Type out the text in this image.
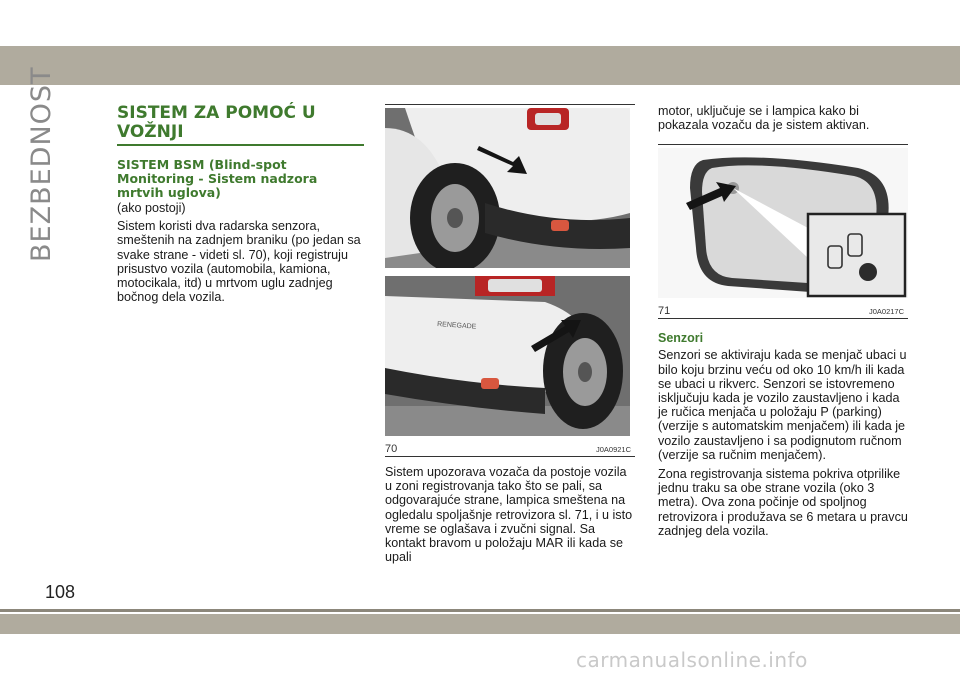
BEZBEDNOST	SISTEM ZA POMOĆ U VOŽNJI
SISTEM BSM (Blind-spot Monitoring - Sistem nadzora mrtvih uglova)

(ako postoji)

Sistem koristi dva radarska senzora, smeštenih na zadnjem braniku (po jedan sa svake strane - videti sl. 70), koji registruju prisustvo vozila (automobila, kamiona, motocikala, itd) u mrtvom uglu zadnjeg bočnog dela vozila.

RENEGADE
70	J0A0921C

Sistem upozorava vozača da postoje vozila u zoni registrovanja tako što se pali, sa odgovarajuće strane, lampica smeštena na ogledalu spoljašnje retrovizora sl. 71, i u isto vreme se oglašava i zvučni signal. Sa kontakt bravom u položaju MAR ili kada se upali

motor, uključuje se i lampica kako bi pokazala vozaču da je sistem aktivan.

71	J0A0217C
Senzori

Senzori se aktiviraju kada se menjač ubaci u bilo koju brzinu veću od oko 10 km/h ili kada se ubaci u rikverc. Senzori se istovremeno isključuju kada je vozilo zaustavljeno i kada je ručica menjača u položaju P (parking) (verzije s automatskim menjačem) ili kada je vozilo zaustavljeno i sa podignutom ručnom (verzije sa ručnim menjačem).

Zona registrovanja sistema pokriva otprilike jednu traku sa obe strane vozila (oko 3 metra). Ova zona počinje od spoljnog retrovizora i produžava se 6 metara u pravcu zadnjeg dela vozila.

108
carmanualsonline.info
